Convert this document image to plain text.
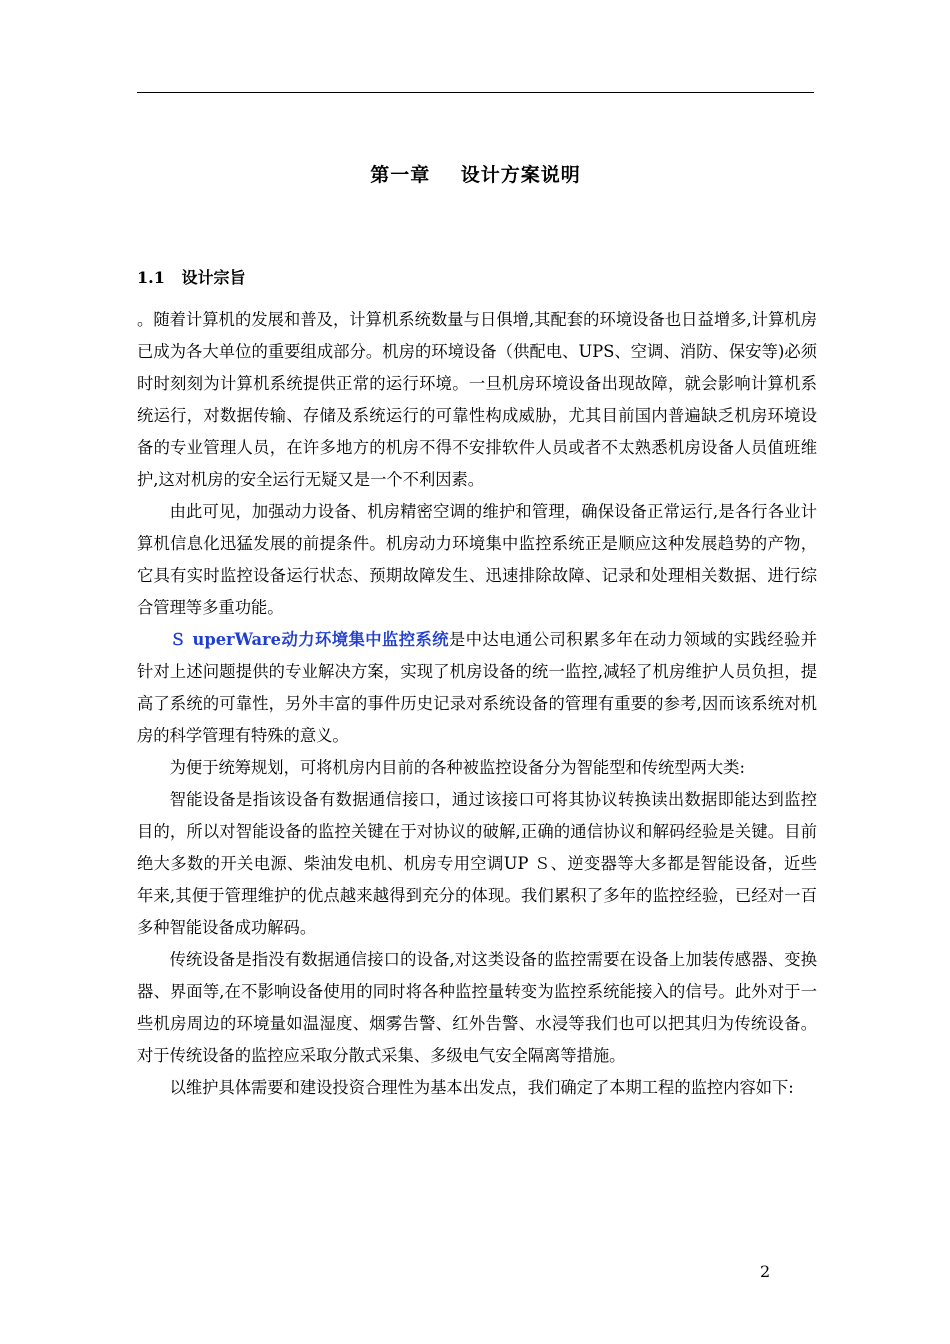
第一章    设计方案说明
1.1   设计宗旨

。随着计算机的发展和普及，计算机系统数量与日俱增,其配套的环境设备也日益增多,计算机房已成为各大单位的重要组成部分。机房的环境设备（供配电、UPS、空调、消防、保安等)必须时时刻刻为计算机系统提供正常的运行环境。一旦机房环境设备出现故障，就会影响计算机系统运行，对数据传输、存储及系统运行的可靠性构成威胁，尤其目前国内普遍缺乏机房环境设备的专业管理人员，在许多地方的机房不得不安排软件人员或者不太熟悉机房设备人员值班维护,这对机房的安全运行无疑又是一个不利因素。

由此可见，加强动力设备、机房精密空调的维护和管理，确保设备正常运行,是各行各业计算机信息化迅猛发展的前提条件。机房动力环境集中监控系统正是顺应这种发展趋势的产物，它具有实时监控设备运行状态、预期故障发生、迅速排除故障、记录和处理相关数据、进行综合管理等多重功能。

Ｓ uperWare动力环境集中监控系统是中达电通公司积累多年在动力领域的实践经验并针对上述问题提供的专业解决方案，实现了机房设备的统一监控,减轻了机房维护人员负担，提高了系统的可靠性，另外丰富的事件历史记录对系统设备的管理有重要的参考,因而该系统对机房的科学管理有特殊的意义。

为便于统筹规划，可将机房内目前的各种被监控设备分为智能型和传统型两大类:

智能设备是指该设备有数据通信接口，通过该接口可将其协议转换读出数据即能达到监控目的，所以对智能设备的监控关键在于对协议的破解,正确的通信协议和解码经验是关键。目前绝大多数的开关电源、柴油发电机、机房专用空调UP Ｓ、逆变器等大多都是智能设备，近些年来,其便于管理维护的优点越来越得到充分的体现。我们累积了多年的监控经验，已经对一百多种智能设备成功解码。

传统设备是指没有数据通信接口的设备,对这类设备的监控需要在设备上加装传感器、变换器、界面等,在不影响设备使用的同时将各种监控量转变为监控系统能接入的信号。此外对于一些机房周边的环境量如温湿度、烟雾告警、红外告警、水浸等我们也可以把其归为传统设备。对于传统设备的监控应采取分散式采集、多级电气安全隔离等措施。

以维护具体需要和建设投资合理性为基本出发点，我们确定了本期工程的监控内容如下:

2
